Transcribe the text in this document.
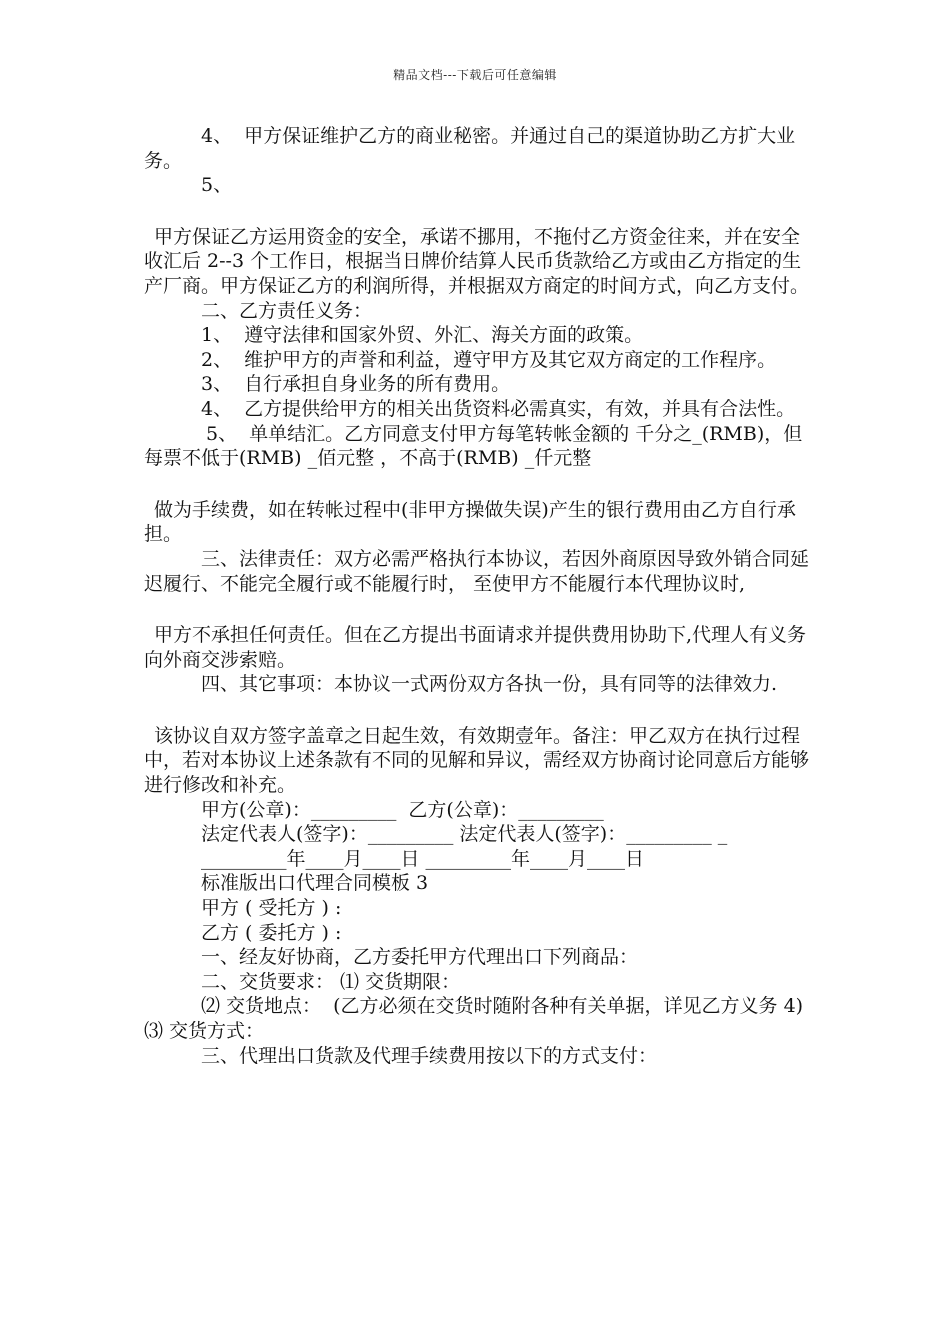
精品文档---下载后可任意编辑
4、  甲方保证维护乙方的商业秘密。并通过自己的渠道协助乙方扩大业务。
5、
甲方保证乙方运用资金的安全，承诺不挪用，不拖付乙方资金往来，并在安全收汇后 2--3 个工作日，根据当日牌价结算人民币货款给乙方或由乙方指定的生产厂商。甲方保证乙方的利润所得，并根据双方商定的时间方式，向乙方支付。
二、乙方责任义务：
1、  遵守法律和国家外贸、外汇、海关方面的政策。
2、  维护甲方的声誉和利益，遵守甲方及其它双方商定的工作程序。
3、  自行承担自身业务的所有费用。
4、  乙方提供给甲方的相关出货资料必需真实，有效，并具有合法性。
5、  单单结汇。乙方同意支付甲方每笔转帐金额的 千分之_(RMB)，但每票不低于(RMB) _佰元整 ，不高于(RMB) _仟元整
做为手续费，如在转帐过程中(非甲方操做失误)产生的银行费用由乙方自行承担。
三、法律责任：双方必需严格执行本协议，若因外商原因导致外销合同延迟履行、不能完全履行或不能履行时， 至使甲方不能履行本代理协议时,
甲方不承担任何责任。但在乙方提出书面请求并提供费用协助下,代理人有义务向外商交涉索赔。
四、其它事项：本协议一式两份双方各执一份，具有同等的法律效力.
该协议自双方签字盖章之日起生效，有效期壹年。备注：甲乙双方在执行过程中，若对本协议上述条款有不同的见解和异议，需经双方协商讨论同意后方能够进行修改和补充。
甲方(公章)：_________  乙方(公章)：_________
法定代表人(签字)：_________ 法定代表人(签字)：_________ _
_________年____月____日 _________年____月____日
标准版出口代理合同模板 3
甲方 ( 受托方 ) :
乙方 ( 委托方 ) :
一、经友好协商，乙方委托甲方代理出口下列商品：
二、交货要求： ⑴ 交货期限：
⑵ 交货地点：  (乙方必须在交货时随附各种有关单据，详见乙方义务 4) ⑶ 交货方式：
三、代理出口货款及代理手续费用按以下的方式支付：
